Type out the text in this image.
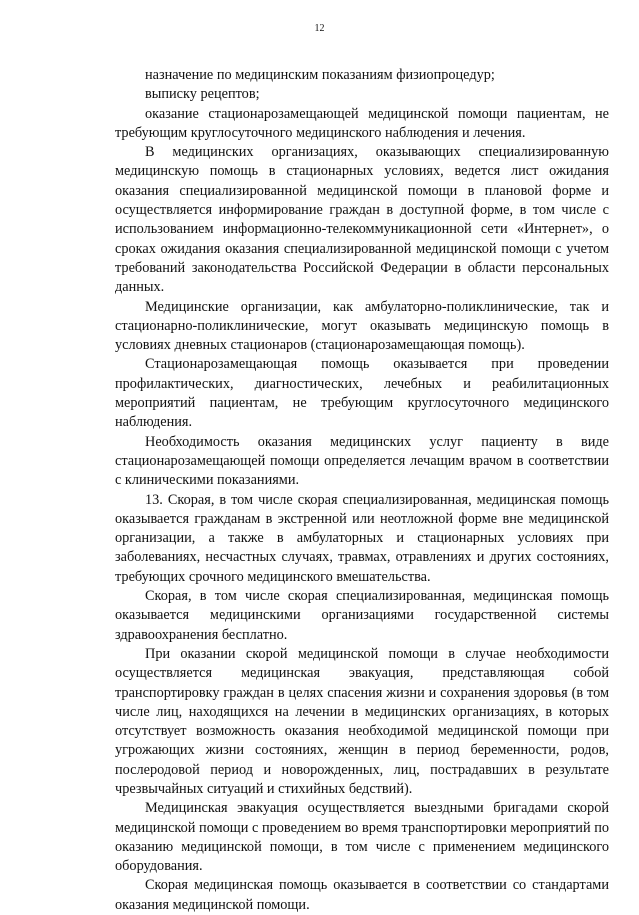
12

назначение по медицинским показаниям физиопроцедур;

выписку рецептов;

оказание стационарозамещающей медицинской помощи пациентам, не требующим круглосуточного медицинского наблюдения и лечения.

В медицинских организациях, оказывающих специализированную медицинскую помощь в стационарных условиях, ведется лист ожидания оказания специализированной медицинской помощи в плановой форме и осуществляется информирование граждан в доступной форме, в том числе с использованием информационно-телекоммуникационной сети «Интернет», о сроках ожидания оказания специализированной медицинской помощи с учетом требований законодательства Российской Федерации в области персональных данных.

Медицинские организации, как амбулаторно-поликлинические, так и стационарно-поликлинические, могут оказывать медицинскую помощь в условиях дневных стационаров (стационарозамещающая помощь).

Стационарозамещающая помощь оказывается при проведении профилактических, диагностических, лечебных и реабилитационных мероприятий пациентам, не требующим круглосуточного медицинского наблюдения.

Необходимость оказания медицинских услуг пациенту в виде стационарозамещающей помощи определяется лечащим врачом в соответствии с клиническими показаниями.

13. Скорая, в том числе скорая специализированная, медицинская помощь оказывается гражданам в экстренной или неотложной форме вне медицинской организации, а также в амбулаторных и стационарных условиях при заболеваниях, несчастных случаях, травмах, отравлениях и других состояниях, требующих срочного медицинского вмешательства.

Скорая, в том числе скорая специализированная, медицинская помощь оказывается медицинскими организациями государственной системы здравоохранения бесплатно.

При оказании скорой медицинской помощи в случае необходимости осуществляется медицинская эвакуация, представляющая собой транспортировку граждан в целях спасения жизни и сохранения здоровья (в том числе лиц, находящихся на лечении в медицинских организациях, в которых отсутствует возможность оказания необходимой медицинской помощи при угрожающих жизни состояниях, женщин в период беременности, родов, послеродовой период и новорожденных, лиц, пострадавших в результате чрезвычайных ситуаций и стихийных бедствий).

Медицинская эвакуация осуществляется выездными бригадами скорой медицинской помощи с проведением во время транспортировки мероприятий по оказанию медицинской помощи, в том числе с применением медицинского оборудования.

Скорая медицинская помощь оказывается в соответствии со стандартами оказания медицинской помощи.
